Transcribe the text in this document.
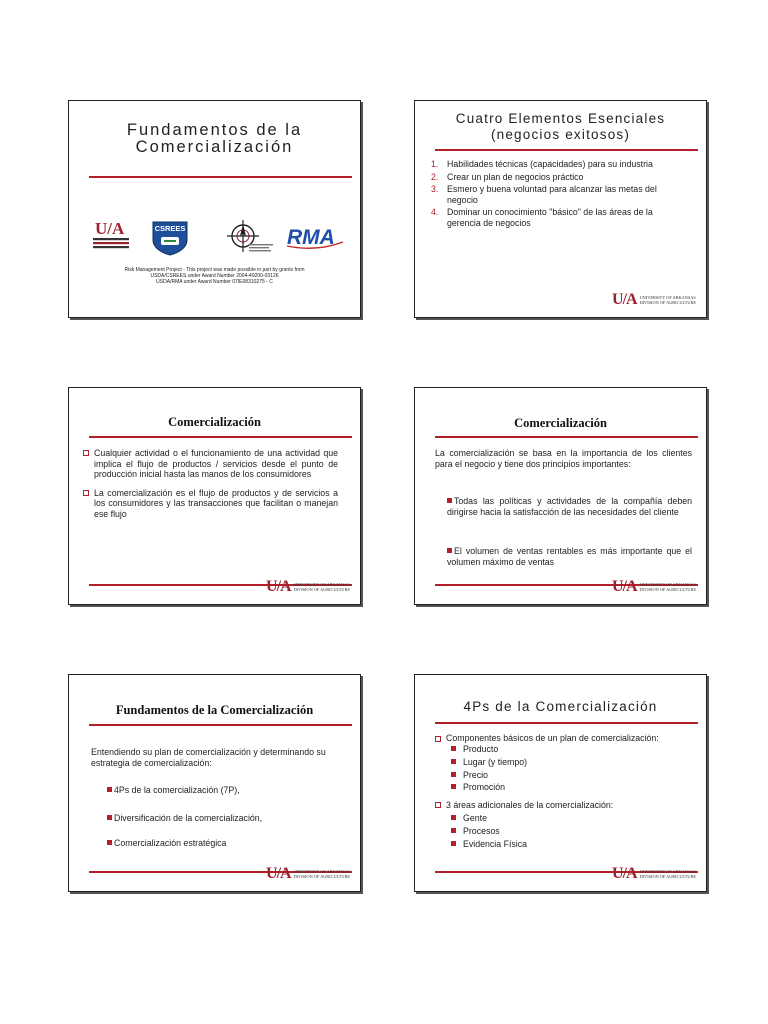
Fundamentos de la
Comercialización
U/A	CSREES	RMA
Risk Management Project - This project was made possible in part by grants from
USDA/CSREES under Award Number 2004-49200-03126
USDA/RMA under Award Number 07IE08310275 - C
Cuatro Elementos Esenciales
(negocios exitosos)
1. Habilidades técnicas (capacidades) para su industria
2. Crear un plan de negocios práctico
3. Esmero y buena voluntad para alcanzar las metas del negocio
4. Dominar un conocimiento "básico" de las áreas de la gerencia de negocios
U/A UNIVERSITY OF ARKANSAS
DIVISION OF AGRICULTURE
Comercialización
Cualquier actividad o el funcionamiento de una actividad que implica el flujo de productos / servicios desde el punto de producción inicial hasta las manos de los consumidores
La comercialización es el flujo de productos y de servicios a los consumidores y las transacciones que facilitan o manejan ese flujo
U/A UNIVERSITY OF ARKANSAS
DIVISION OF AGRICULTURE
Comercialización
La comercialización se basa en la importancia de los clientes para el negocio y tiene dos principios importantes:
Todas las políticas y actividades de la compañía deben dirigirse hacia la satisfacción de las necesidades del cliente
El volumen de ventas rentables es más importante que el volumen máximo de ventas
U/A UNIVERSITY OF ARKANSAS
DIVISION OF AGRICULTURE
Fundamentos de la Comercialización
Entendiendo su plan de comercialización y determinando su estrategia de comercialización:
4Ps de la comercialización (7P),
Diversificación de la comercialización,
Comercialización estratégica
U/A UNIVERSITY OF ARKANSAS
DIVISION OF AGRICULTURE
4Ps de la Comercialización
Componentes básicos de un plan de comercialización:
Producto
Lugar (y tiempo)
Precio
Promoción
3 áreas adicionales de la comercialización:
Gente
Procesos
Evidencia Física
U/A UNIVERSITY OF ARKANSAS
DIVISION OF AGRICULTURE
